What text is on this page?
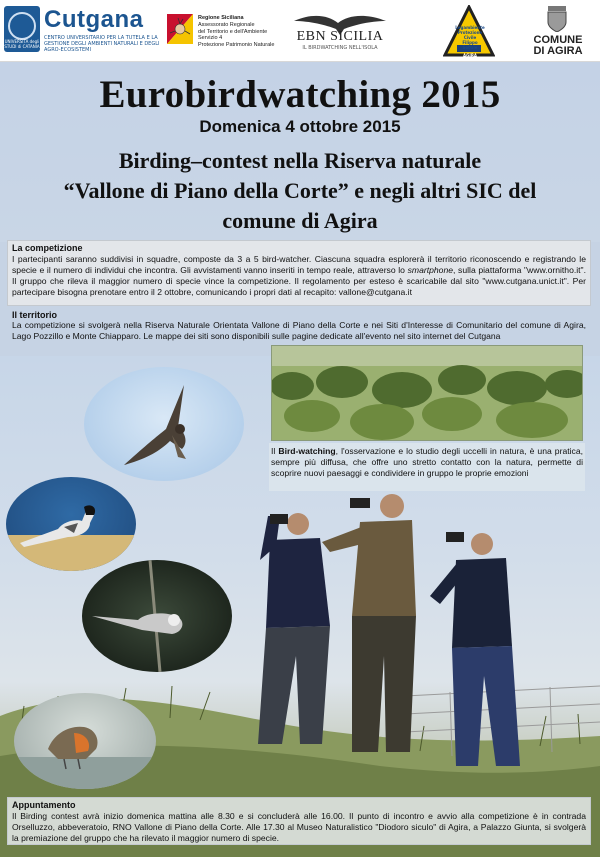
UNIVERSITÀ degli STUDI di CATANIA
Cutgana
CENTRO UNIVERSITARIO PER LA TUTELA E LA GESTIONE DEGLI AMBIENTI NATURALI E DEGLI AGRO-ECOSISTEMI
Regione Siciliana
Assessorato Regionale
del Territorio e dell'Ambiente
Servizio 4
Protezione Patrimonio Naturale
EBN SICILIA
IL BIRDWATCHING NELL'ISOLA
Legambiente
Protezione Civile
Filippo Sottile
AGIRA
COMUNE
DI AGIRA
Eurobirdwatching 2015
Domenica 4 ottobre 2015
Birding–contest nella Riserva naturale
“Vallone di Piano della Corte” e negli altri SIC del
comune di Agira
La competizione
I partecipanti saranno suddivisi in squadre, composte da 3 a 5 bird-watcher. Ciascuna squadra esplorerà il territorio riconoscendo e registrando le specie e il numero di individui che incontra. Gli avvistamenti vanno inseriti in tempo reale, attraverso lo smartphone, sulla piattaforma "www.ornitho.it". Il gruppo che rileva il maggior numero di specie vince la competizione. Il regolamento per esteso è scaricabile dal sito "www.cutgana.unict.it". Per partecipare bisogna prenotare entro il 2 ottobre, comunicando i propri dati al recapito: vallone@cutgana.it
Il territorio
La competizione si svolgerà nella Riserva Naturale Orientata Vallone di Piano della Corte e nei Siti d'Interesse di Comunitario del comune di Agira, Lago Pozzillo e Monte Chiapparo. Le mappe dei siti sono disponibili sulle pagine dedicate all'evento nel sito internet del Cutgana
Il Bird-watching, l'osservazione e lo studio degli uccelli in natura, è una pratica, sempre più diffusa, che offre uno stretto contatto con la natura, permette di scoprire nuovi paesaggi e condividere in gruppo le proprie emozioni
Appuntamento
Il Birding contest avrà inizio domenica mattina alle 8.30 e si concluderà alle 16.00. Il punto di incontro e avvio alla competizione è in contrada Orselluzzo, abbeveratoio, RNO Vallone di Piano della Corte. Alle 17.30 al Museo Naturalistico "Diodoro siculo" di Agira, a Palazzo Giunta, si svolgerà la premiazione del gruppo che ha rilevato il maggior numero di specie.
